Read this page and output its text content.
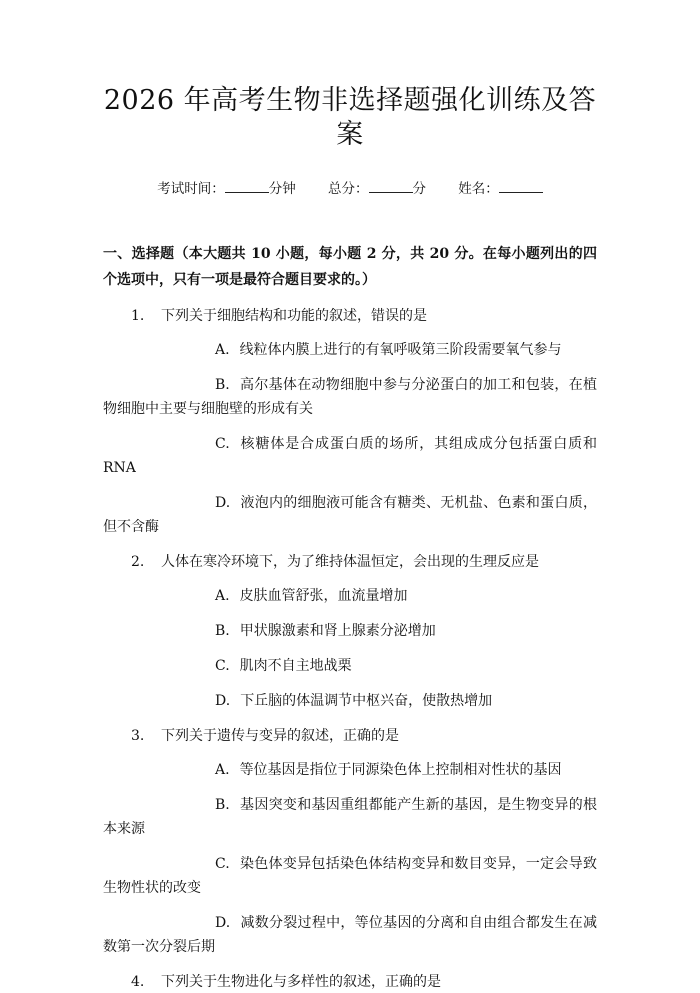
2026 年高考生物非选择题强化训练及答案
考试时间：	分钟 总分：	分 姓名：
一、选择题（本大题共 10 小题，每小题 2 分，共 20 分。在每小题列出的四个选项中，只有一项是最符合题目要求的。）
1. 下列关于细胞结构和功能的叙述，错误的是
A. 线粒体内膜上进行的有氧呼吸第三阶段需要氧气参与
B. 高尔基体在动物细胞中参与分泌蛋白的加工和包装，在植物细胞中主要与细胞壁的形成有关
C. 核糖体是合成蛋白质的场所，其组成成分包括蛋白质和 RNA
D. 液泡内的细胞液可能含有糖类、无机盐、色素和蛋白质，但不含酶
2. 人体在寒冷环境下，为了维持体温恒定，会出现的生理反应是
A. 皮肤血管舒张，血流量增加
B. 甲状腺激素和肾上腺素分泌增加
C. 肌肉不自主地战栗
D. 下丘脑的体温调节中枢兴奋，使散热增加
3. 下列关于遗传与变异的叙述，正确的是
A. 等位基因是指位于同源染色体上控制相对性状的基因
B. 基因突变和基因重组都能产生新的基因，是生物变异的根本来源
C. 染色体变异包括染色体结构变异和数目变异，一定会导致生物性状的改变
D. 减数分裂过程中，等位基因的分离和自由组合都发生在减数第一次分裂后期
4. 下列关于生物进化与多样性的叙述，正确的是
